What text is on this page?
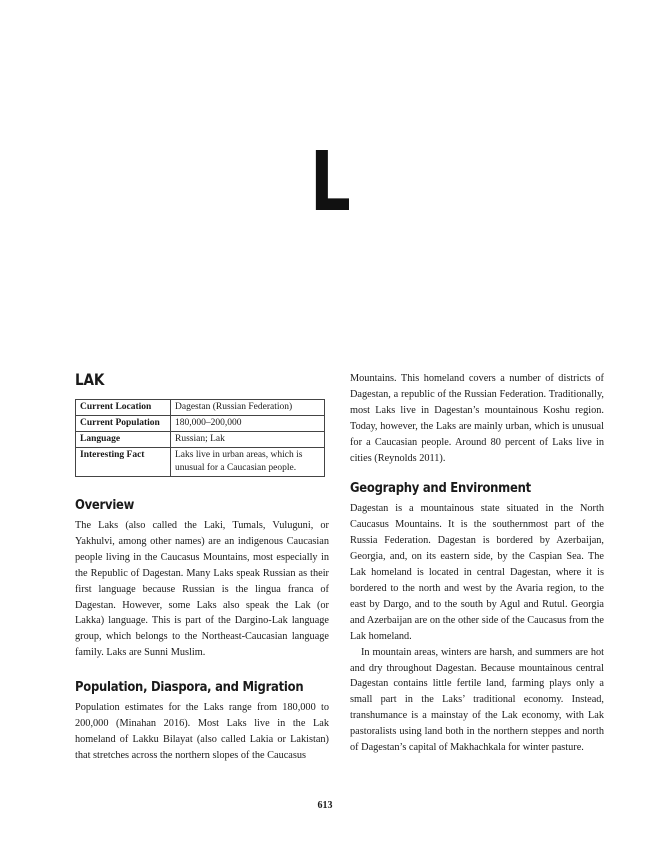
L
LAK
Current Location	Dagestan (Russian Federation)
Current Population	180,000–200,000
Language	Russian; Lak
Interesting Fact	Laks live in urban areas, which is unusual for a Caucasian people.
Overview

The Laks (also called the Laki, Tumals, Vuluguni, or Yakhulvi, among other names) are an indigenous Caucasian people living in the Caucasus Mountains, most especially in the Republic of Dagestan. Many Laks speak Russian as their first language because Russian is the lingua franca of Dagestan. However, some Laks also speak the Lak (or Lakka) language. This is part of the Dargino-Lak language group, which belongs to the Northeast-Caucasian language family. Laks are Sunni Muslim.

Population, Diaspora, and Migration

Population estimates for the Laks range from 180,000 to 200,000 (Minahan 2016). Most Laks live in the Lak homeland of Lakku Bilayat (also called Lakia or Lakistan) that stretches across the northern slopes of the Caucasus

Mountains. This homeland covers a number of districts of Dagestan, a republic of the Russian Federation. Traditionally, most Laks live in Dagestan’s mountainous Koshu region. Today, however, the Laks are mainly urban, which is unusual for a Caucasian people. Around 80 percent of Laks live in cities (Reynolds 2011).

Geography and Environment

Dagestan is a mountainous state situated in the North Caucasus Mountains. It is the southernmost part of the Russia Federation. Dagestan is bordered by Azerbaijan, Georgia, and, on its eastern side, by the Caspian Sea. The Lak homeland is located in central Dagestan, where it is bordered to the north and west by the Avaria region, to the east by Dargo, and to the south by Agul and Rutul. Georgia and Azerbaijan are on the other side of the Caucasus from the Lak homeland.

In mountain areas, winters are harsh, and summers are hot and dry throughout Dagestan. Because mountainous central Dagestan contains little fertile land, farming plays only a small part in the Laks’ traditional economy. Instead, transhumance is a mainstay of the Lak economy, with Lak pastoralists using land both in the northern steppes and north of Dagestan’s capital of Makhachkala for winter pasture.

613
